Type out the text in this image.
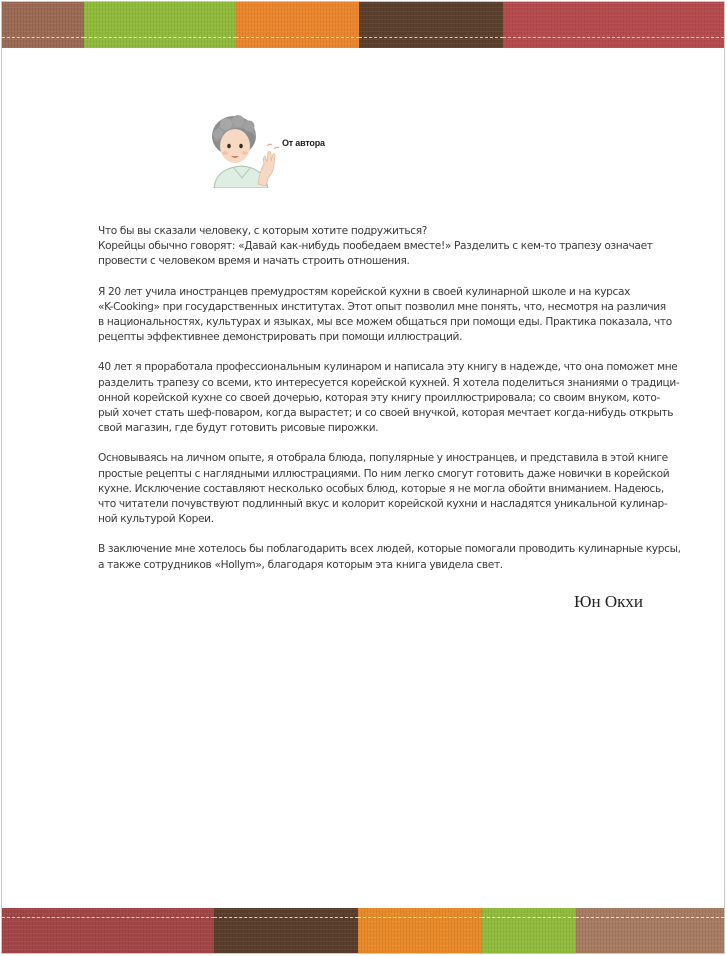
От автора

Что бы вы сказали человеку, с которым хотите подружиться?
Корейцы обычно говорят: «Давай как-нибудь пообедаем вместе!» Разделить с кем-то трапезу означает
провести с человеком время и начать строить отношения.

Я 20 лет учила иностранцев премудростям корейской кухни в своей кулинарной школе и на курсах
«K-Cooking» при государственных институтах. Этот опыт позволил мне понять, что, несмотря на различия
в национальностях, культурах и языках, мы все можем общаться при помощи еды. Практика показала, что
рецепты эффективнее демонстрировать при помощи иллюстраций.

40 лет я проработала профессиональным кулинаром и написала эту книгу в надежде, что она поможет мне
разделить трапезу со всеми, кто интересуется корейской кухней. Я хотела поделиться знаниями о традици-
онной корейской кухне со своей дочерью, которая эту книгу проиллюстрировала; со своим внуком, кото-
рый хочет стать шеф-поваром, когда вырастет; и со своей внучкой, которая мечтает когда-нибудь открыть
свой магазин, где будут готовить рисовые пирожки.

Основываясь на личном опыте, я отобрала блюда, популярные у иностранцев, и представила в этой книге
простые рецепты с наглядными иллюстрациями. По ним легко смогут готовить даже новички в корейской
кухне. Исключение составляют несколько особых блюд, которые я не могла обойти вниманием. Надеюсь,
что читатели почувствуют подлинный вкус и колорит корейской кухни и насладятся уникальной кулинар-
ной культурой Кореи.

В заключение мне хотелось бы поблагодарить всех людей, которые помогали проводить кулинарные курсы,
а также сотрудников «Hollym», благодаря которым эта книга увидела свет.

Юн Окхи
